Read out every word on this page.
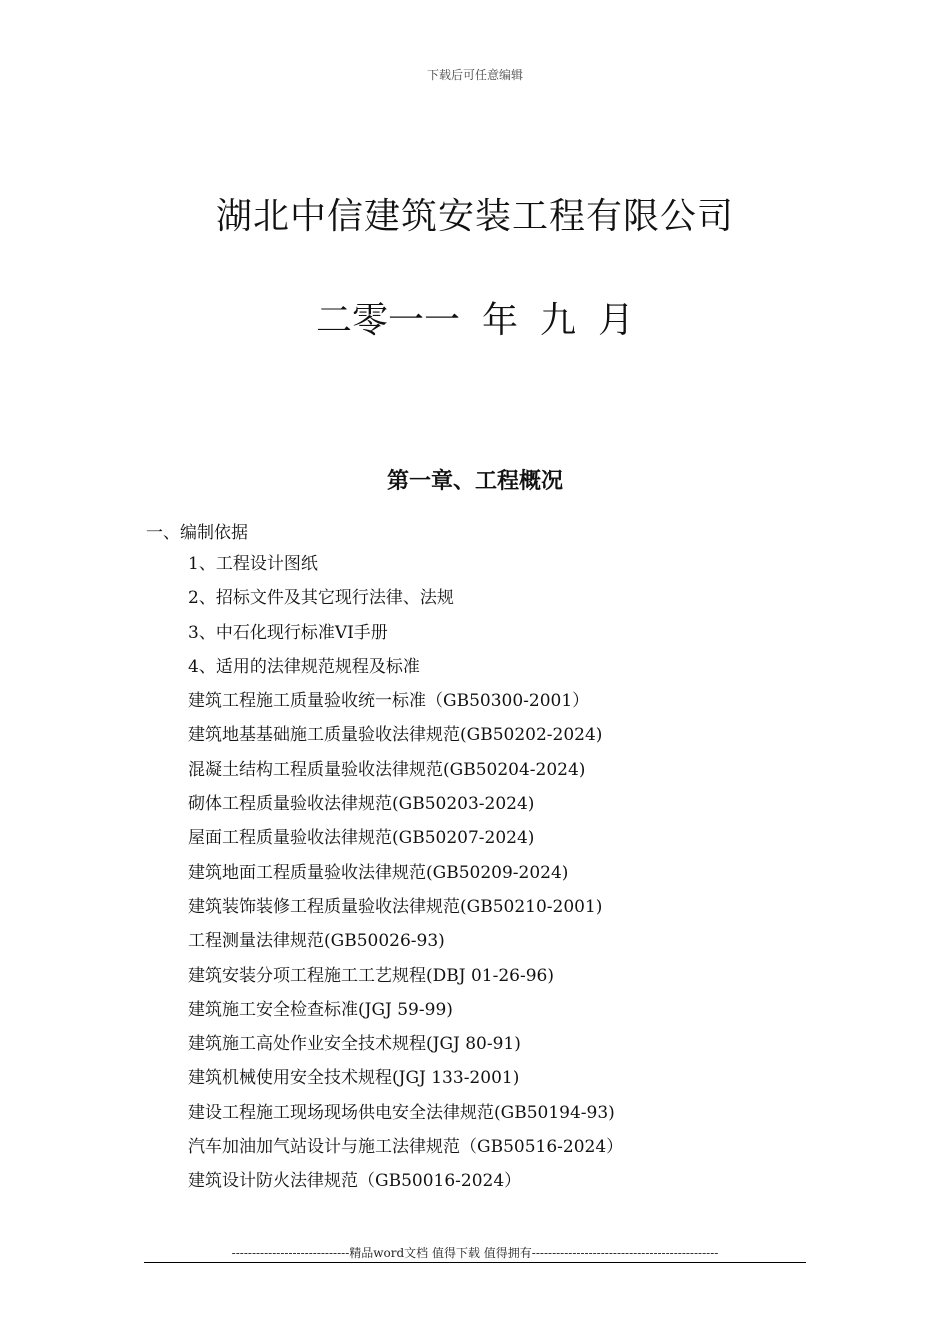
下载后可任意编辑
湖北中信建筑安装工程有限公司
二零一一 年 九 月
第一章、工程概况
一、编制依据
1、工程设计图纸
2、招标文件及其它现行法律、法规
3、中石化现行标准VI手册
4、适用的法律规范规程及标准
建筑工程施工质量验收统一标准（GB50300-2001）
建筑地基基础施工质量验收法律规范(GB50202-2024)
混凝土结构工程质量验收法律规范(GB50204-2024)
砌体工程质量验收法律规范(GB50203-2024)
屋面工程质量验收法律规范(GB50207-2024)
建筑地面工程质量验收法律规范(GB50209-2024)
建筑装饰装修工程质量验收法律规范(GB50210-2001)
工程测量法律规范(GB50026-93)
建筑安装分项工程施工工艺规程(DBJ 01-26-96)
建筑施工安全检查标准(JGJ 59-99)
建筑施工高处作业安全技术规程(JGJ 80-91)
建筑机械使用安全技术规程(JGJ 133-2001)
建设工程施工现场现场供电安全法律规范(GB50194-93)
汽车加油加气站设计与施工法律规范（GB50516-2024）
建筑设计防火法律规范（GB50016-2024）
-----------------------------精品word文档 值得下载 值得拥有----------------------------------------------
